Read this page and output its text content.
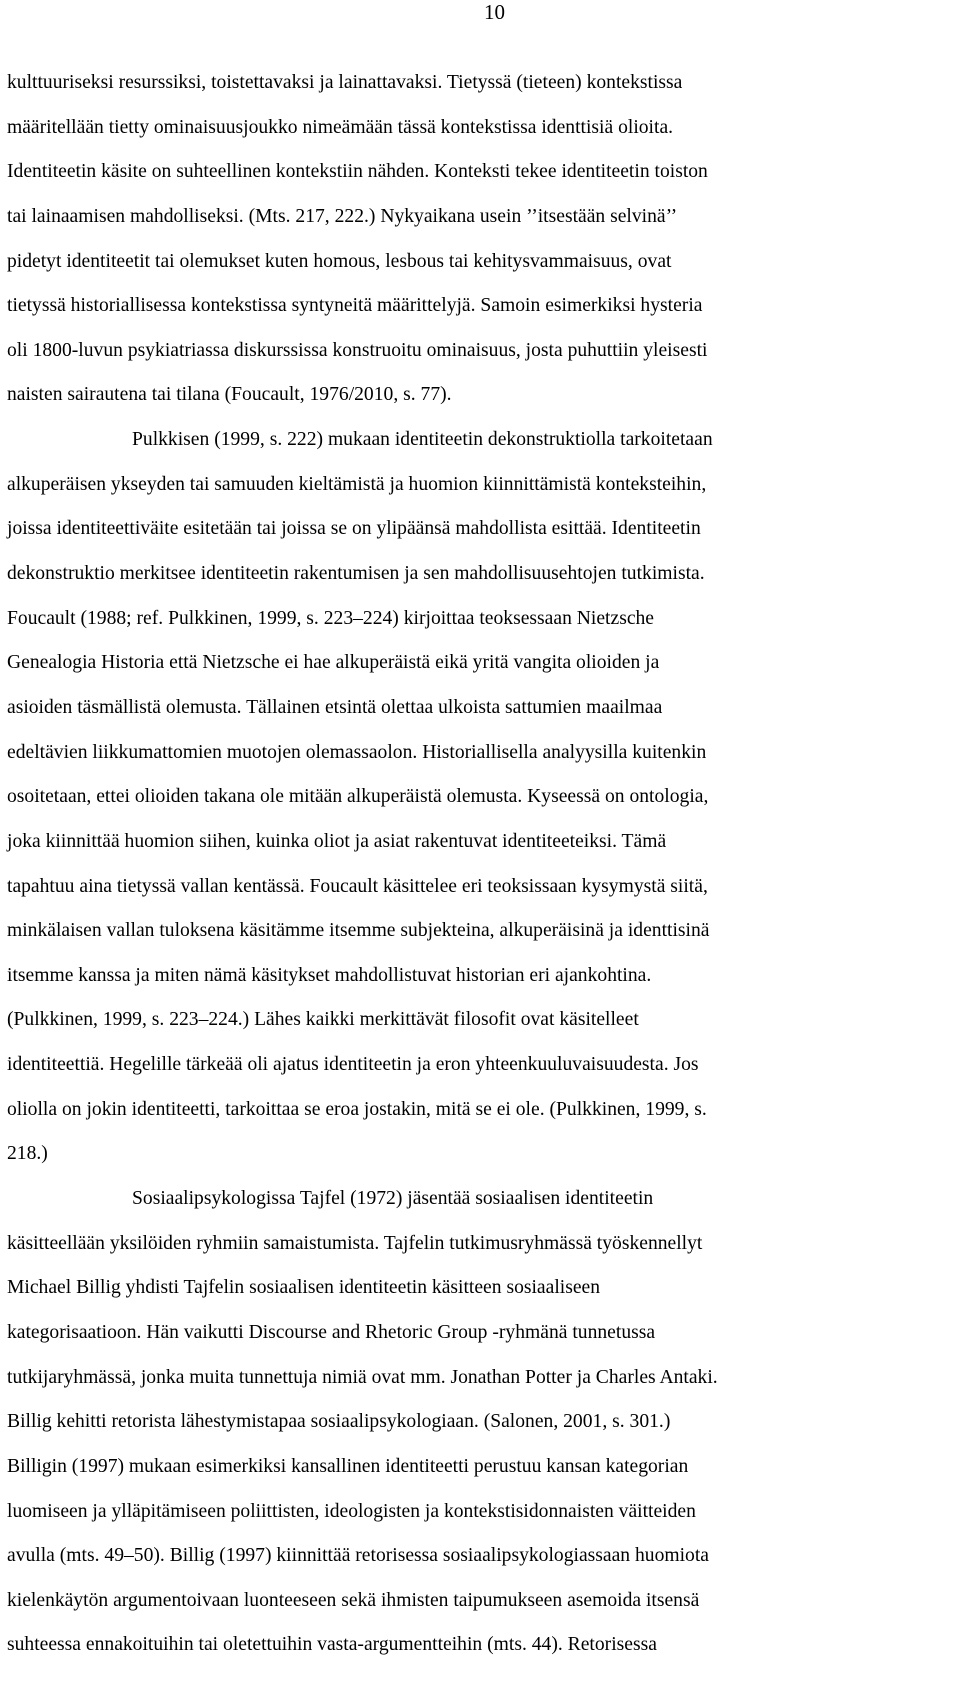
10
kulttuuriseksi resurssiksi, toistettavaksi ja lainattavaksi. Tietyssä (tieteen) kontekstissa
määritellään tietty ominaisuusjoukko nimeämään tässä kontekstissa identtisiä olioita.
Identiteetin käsite on suhteellinen kontekstiin nähden. Konteksti tekee identiteetin toiston
tai lainaamisen mahdolliseksi. (Mts. 217, 222.) Nykyaikana usein ’’itsestään selvinä’’
pidetyt identiteetit tai olemukset kuten homous, lesbous tai kehitysvammaisuus, ovat
tietyssä historiallisessa kontekstissa syntyneitä määrittelyjä. Samoin esimerkiksi hysteria
oli 1800-luvun psykiatriassa diskurssissa konstruoitu ominaisuus, josta puhuttiin yleisesti
naisten sairautena tai tilana (Foucault, 1976/2010, s. 77).
Pulkkisen (1999, s. 222) mukaan identiteetin dekonstruktiolla tarkoitetaan
alkuperäisen ykseyden tai samuuden kieltämistä ja huomion kiinnittämistä konteksteihin,
joissa identiteettiväite esitetään tai joissa se on ylipäänsä mahdollista esittää. Identiteetin
dekonstruktio merkitsee identiteetin rakentumisen ja sen mahdollisuusehtojen tutkimista.
Foucault (1988; ref. Pulkkinen, 1999, s. 223–224) kirjoittaa teoksessaan Nietzsche
Genealogia Historia että Nietzsche ei hae alkuperäistä eikä yritä vangita olioiden ja
asioiden täsmällistä olemusta. Tällainen etsintä olettaa ulkoista sattumien maailmaa
edeltävien liikkumattomien muotojen olemassaolon. Historiallisella analyysilla kuitenkin
osoitetaan, ettei olioiden takana ole mitään alkuperäistä olemusta. Kyseessä on ontologia,
joka kiinnittää huomion siihen, kuinka oliot ja asiat rakentuvat identiteeteiksi. Tämä
tapahtuu aina tietyssä vallan kentässä. Foucault käsittelee eri teoksissaan kysymystä siitä,
minkälaisen vallan tuloksena käsitämme itsemme subjekteina, alkuperäisinä ja identtisinä
itsemme kanssa ja miten nämä käsitykset mahdollistuvat historian eri ajankohtina.
(Pulkkinen, 1999, s. 223–224.) Lähes kaikki merkittävät filosofit ovat käsitelleet
identiteettiä. Hegelille tärkeää oli ajatus identiteetin ja eron yhteenkuuluvaisuudesta. Jos
oliolla on jokin identiteetti, tarkoittaa se eroa jostakin, mitä se ei ole. (Pulkkinen, 1999, s.
218.)
Sosiaalipsykologissa Tajfel (1972) jäsentää sosiaalisen identiteetin
käsitteellään yksilöiden ryhmiin samaistumista. Tajfelin tutkimusryhmässä työskennellyt
Michael Billig yhdisti Tajfelin sosiaalisen identiteetin käsitteen sosiaaliseen
kategorisaatioon. Hän vaikutti Discourse and Rhetoric Group -ryhmänä tunnetussa
tutkijaryhmässä, jonka muita tunnettuja nimiä ovat mm. Jonathan Potter ja Charles Antaki.
Billig kehitti retorista lähestymistapaa sosiaalipsykologiaan. (Salonen, 2001, s. 301.)
Billigin (1997) mukaan esimerkiksi kansallinen identiteetti perustuu kansan kategorian
luomiseen ja ylläpitämiseen poliittisten, ideologisten ja kontekstisidonnaisten väitteiden
avulla (mts. 49–50). Billig (1997) kiinnittää retorisessa sosiaalipsykologiassaan huomiota
kielenkäytön argumentoivaan luonteeseen sekä ihmisten taipumukseen asemoida itsensä
suhteessa ennakoituihin tai oletettuihin vasta-argumentteihin (mts. 44). Retorisessa
